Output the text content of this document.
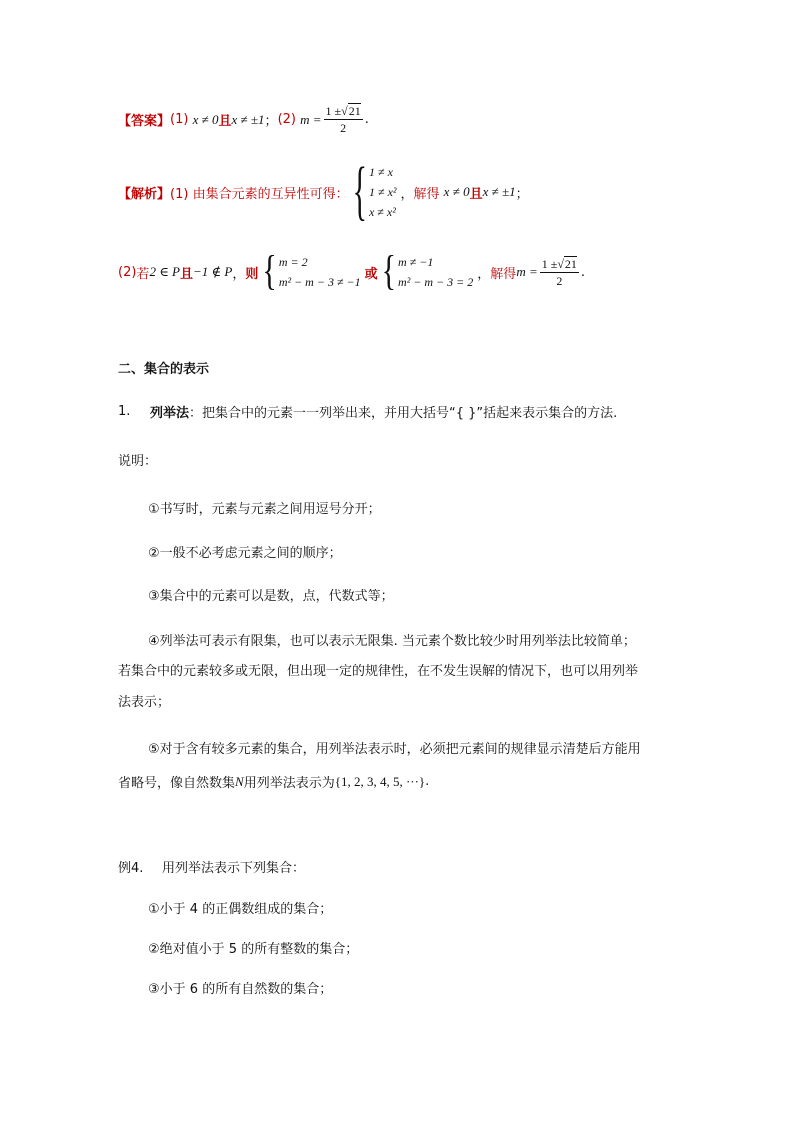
【答案】 (1)
x ≠ 0 且 x ≠ ±1 ； (2)
$m = \frac{1 \pm√21}{2}$ .
【解析】 (1) 由集合元素的互异性可得： { 1 ≠ x
1 ≠ x²
x ≠ x²
， 解得
x ≠ 0 且 x ≠ ±1 ；
(2) 若 2 ∈ P 且 −1 ∉ P ， 则 { m = 2
m² − m − 3 ≠ −1
或 { m ≠ −1
m² − m − 3 = 2
， 解得 $m = \frac{1 \pm√21}{2}$ .
二、集合的表示
1.	列举法 ：把集合中的元素一一列举出来，并用大括号“{ }”括起来表示集合的方法.
说明：
①书写时，元素与元素之间用逗号分开；
②一般不必考虑元素之间的顺序；
③集合中的元素可以是数，点，代数式等；
④列举法可表示有限集，也可以表示无限集. 当元素个数比较少时用列举法比较简单；
若集合中的元素较多或无限，但出现一定的规律性，在不发生误解的情况下，也可以用列举
法表示；
⑤对于含有较多元素的集合，用列举法表示时，必须把元素间的规律显示清楚后方能用
省略号，像自然数集 N 用列举法表示为 {1, 2, 3, 4, 5, ···} .
例4.	用列举法表示下列集合：
①小于 4 的正偶数组成的集合；
②绝对值小于 5 的所有整数的集合；
③小于 6 的所有自然数的集合；
